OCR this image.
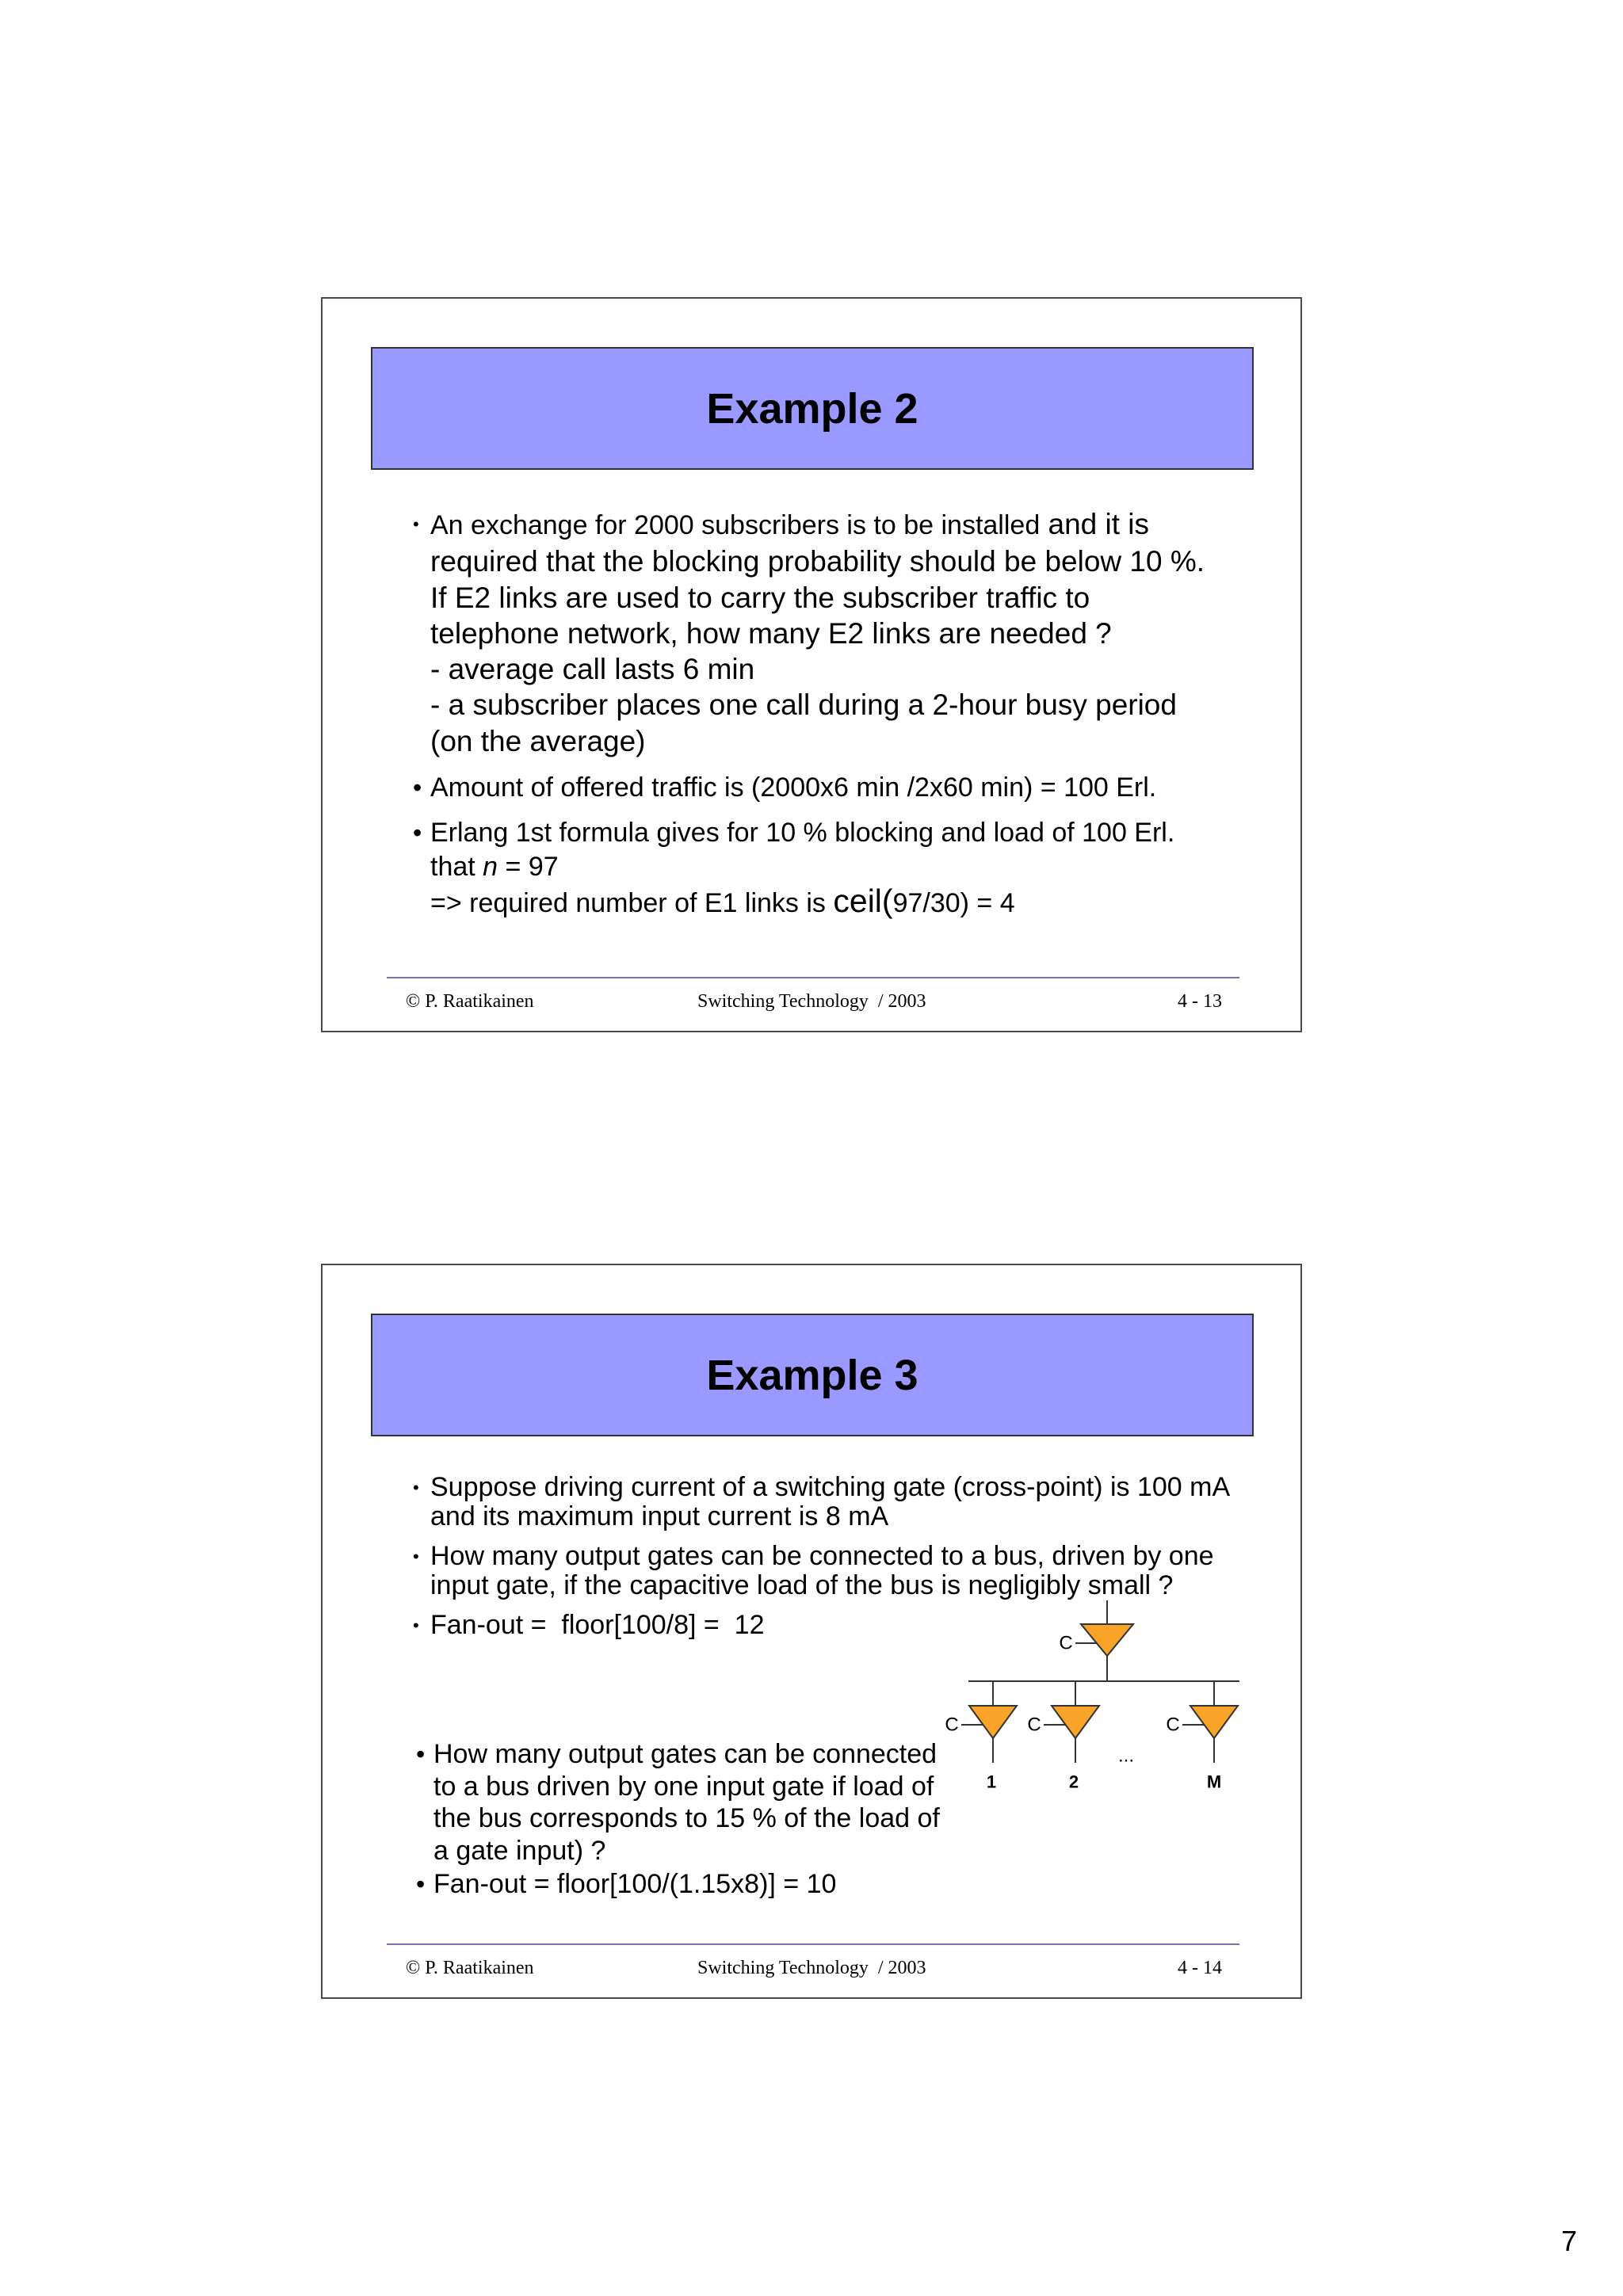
Example 2
• An exchange for 2000 subscribers is to be installed and it is
required that the blocking probability should be below 10 %.
If E2 links are used to carry the subscriber traffic to
telephone network, how many E2 links are needed ?
- average call lasts 6 min
- a subscriber places one call during a 2-hour busy period
(on the average)
• Amount of offered traffic is (2000x6 min /2x60 min) = 100 Erl.
• Erlang 1st formula gives for 10 % blocking and load of 100 Erl.
that n = 97
=> required number of E1 links is ceil(97/30) = 4
© P. Raatikainen	Switching Technology  / 2003	4 - 13
Example 3
• Suppose driving current of a switching gate (cross-point) is 100 mA
and its maximum input current is 8 mA
• How many output gates can be connected to a bus, driven by one
input gate, if the capacitive load of the bus is negligibly small ?
• Fan-out =  floor[100/8] =  12
• How many output gates can be connected
to a bus driven by one input gate if load of
the bus corresponds to 15 % of the load of
a gate input) ?
• Fan-out = floor[100/(1.15x8)] = 10
C
C
1
C
2
...
C
M
© P. Raatikainen	Switching Technology  / 2003	4 - 14
7
